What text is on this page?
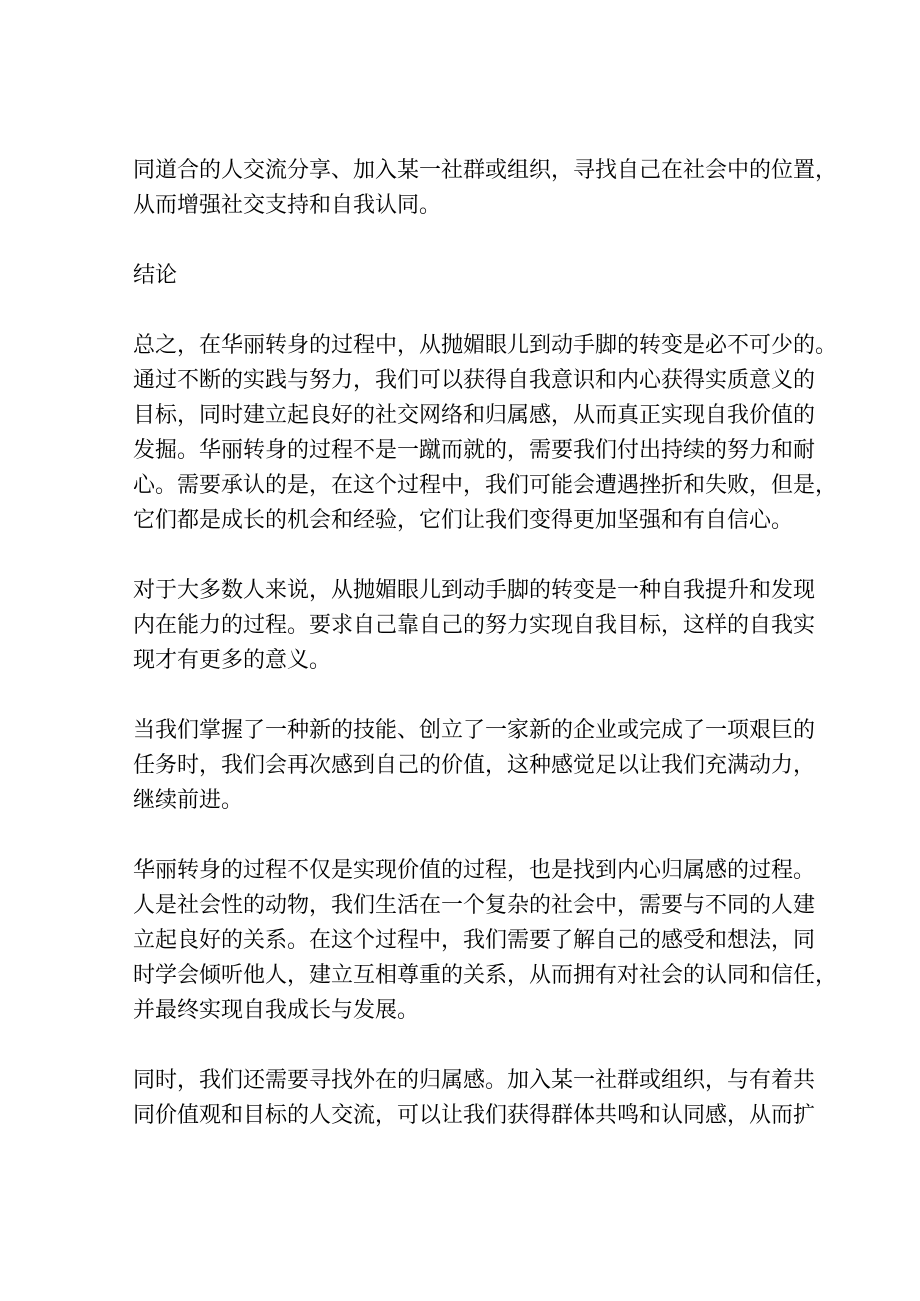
同道合的人交流分享、加入某一社群或组织，寻找自己在社会中的位置，
从而增强社交支持和自我认同。

结论

总之，在华丽转身的过程中，从抛媚眼儿到动手脚的转变是必不可少的。
通过不断的实践与努力，我们可以获得自我意识和内心获得实质意义的
目标，同时建立起良好的社交网络和归属感，从而真正实现自我价值的
发掘。华丽转身的过程不是一蹴而就的，需要我们付出持续的努力和耐
心。需要承认的是，在这个过程中，我们可能会遭遇挫折和失败，但是，
它们都是成长的机会和经验，它们让我们变得更加坚强和有自信心。

对于大多数人来说，从抛媚眼儿到动手脚的转变是一种自我提升和发现
内在能力的过程。要求自己靠自己的努力实现自我目标，这样的自我实
现才有更多的意义。

当我们掌握了一种新的技能、创立了一家新的企业或完成了一项艰巨的
任务时，我们会再次感到自己的价值，这种感觉足以让我们充满动力，
继续前进。

华丽转身的过程不仅是实现价值的过程，也是找到内心归属感的过程。
人是社会性的动物，我们生活在一个复杂的社会中，需要与不同的人建
立起良好的关系。在这个过程中，我们需要了解自己的感受和想法，同
时学会倾听他人，建立互相尊重的关系，从而拥有对社会的认同和信任，
并最终实现自我成长与发展。

同时，我们还需要寻找外在的归属感。加入某一社群或组织，与有着共
同价值观和目标的人交流，可以让我们获得群体共鸣和认同感，从而扩
